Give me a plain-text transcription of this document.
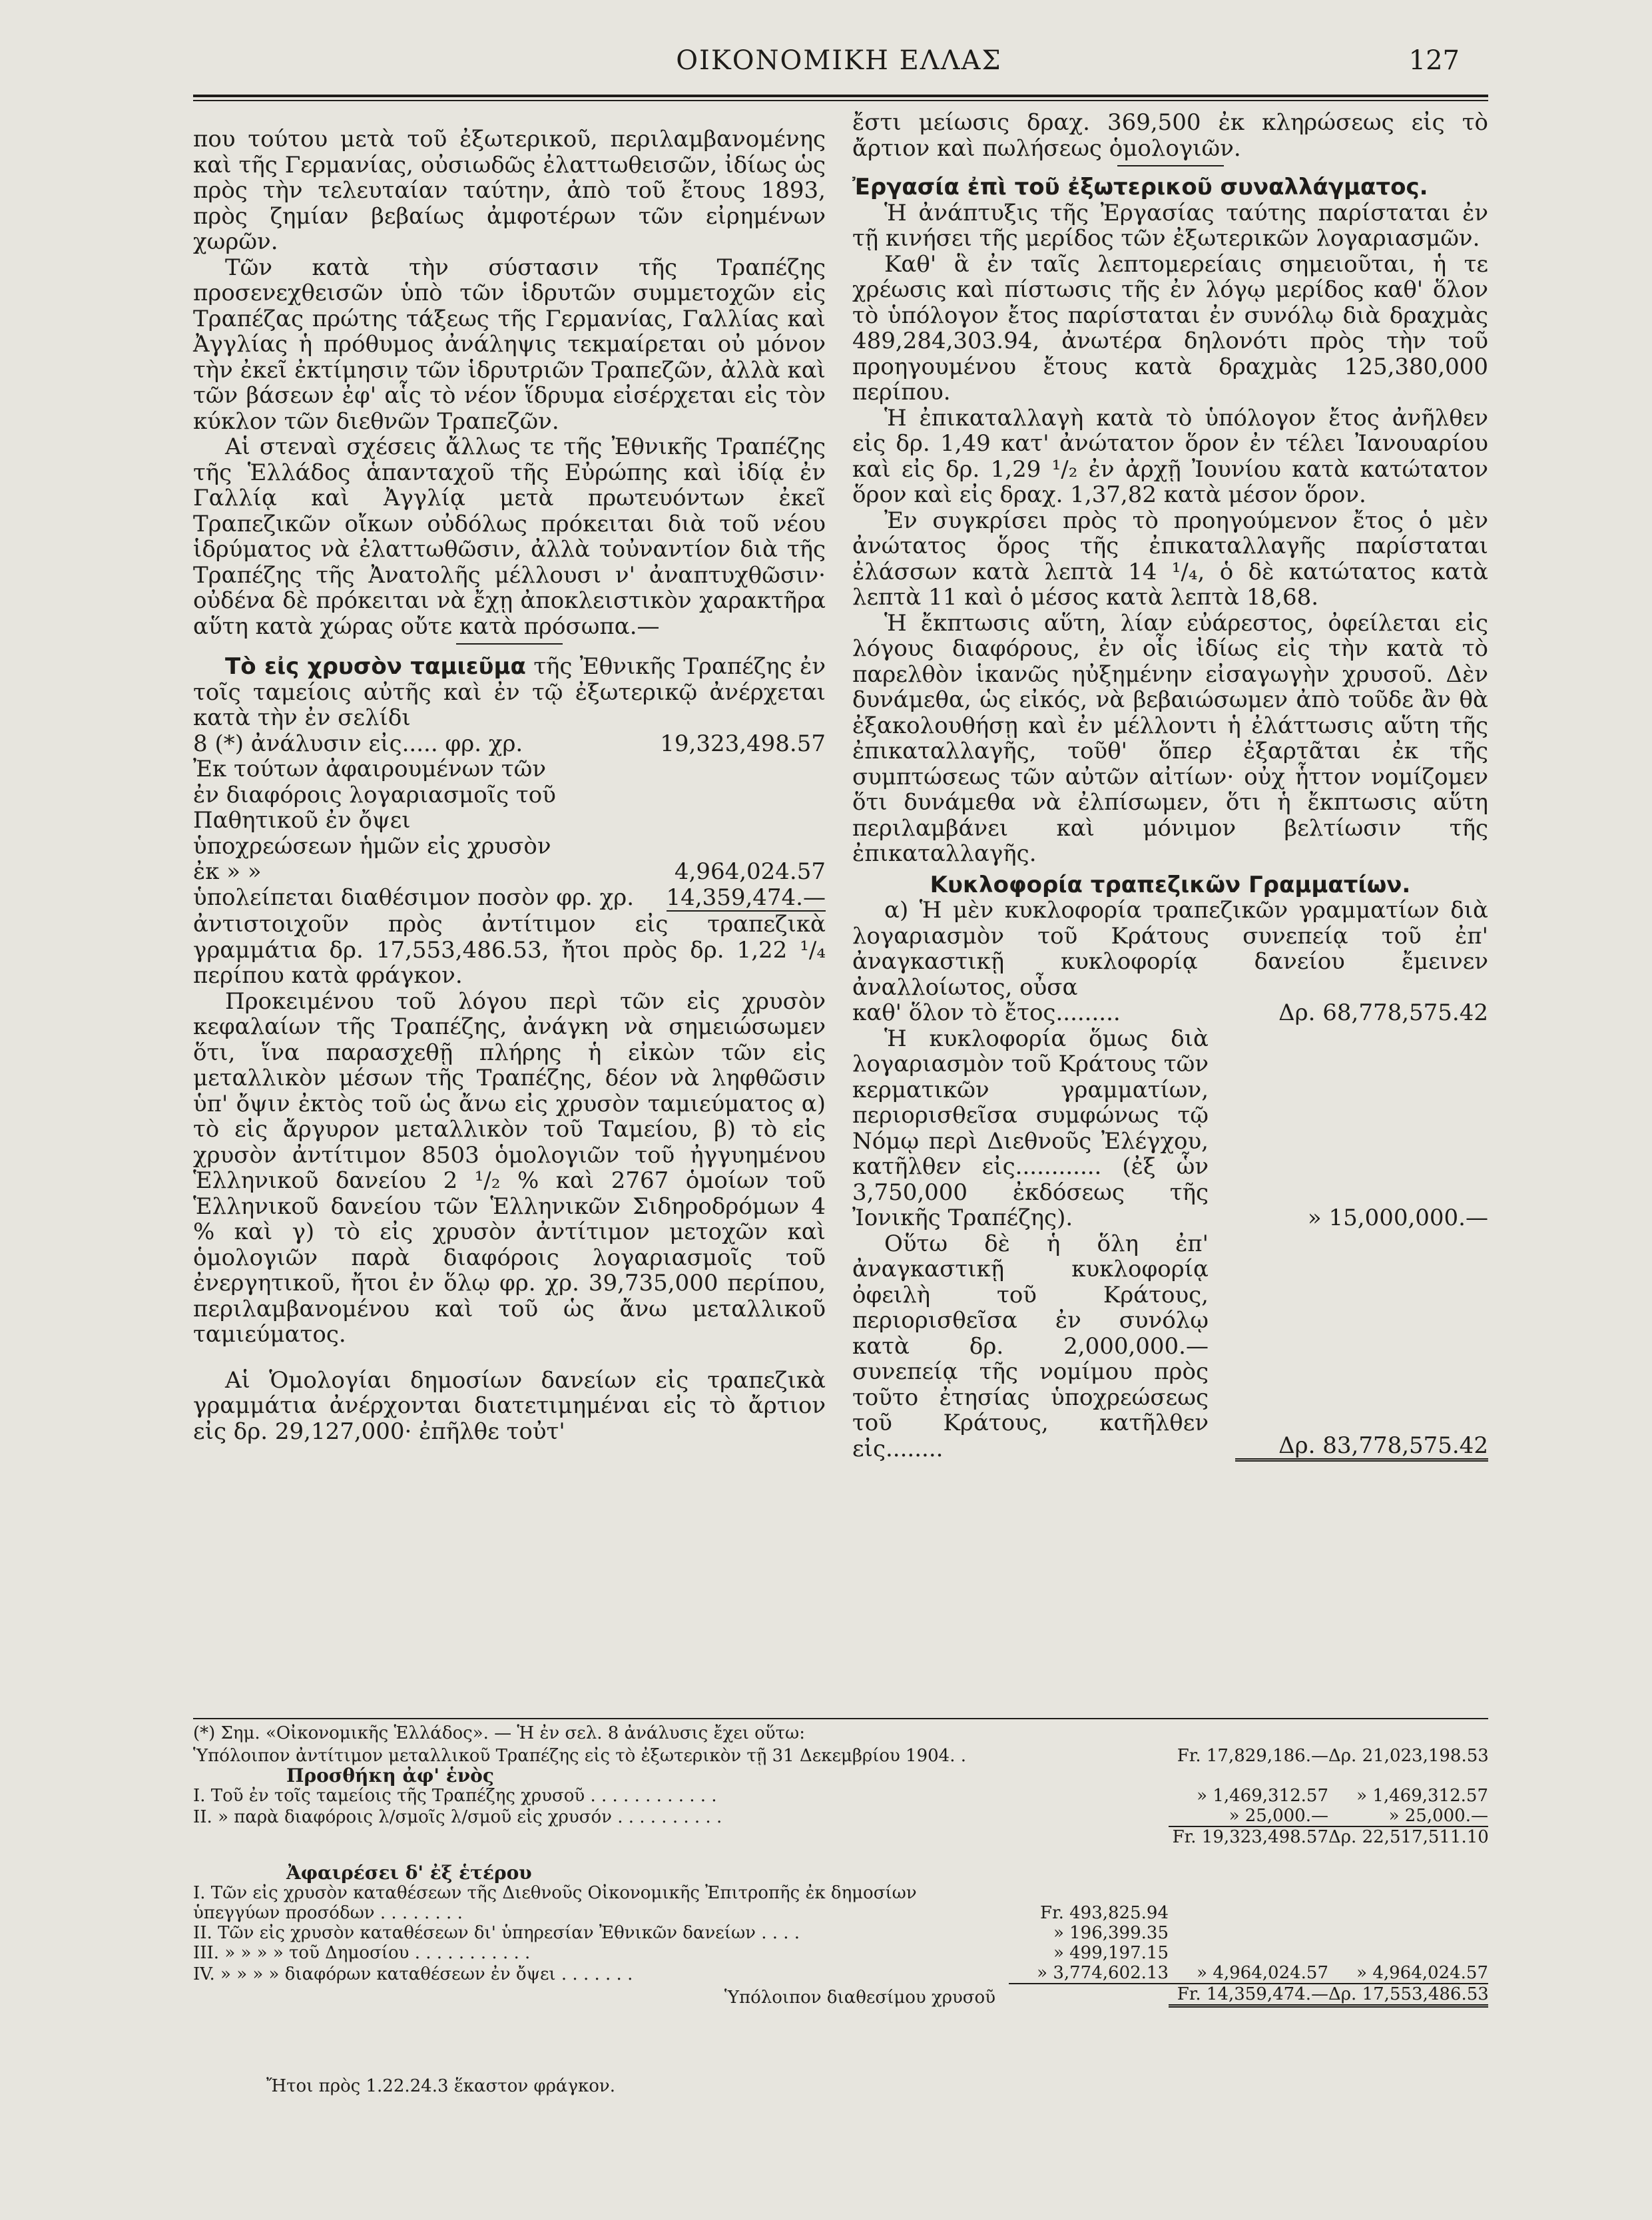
ΟΙΚΟΝΟΜΙΚΗ ΕΛΛΑΣ	127

που τούτου μετὰ τοῦ ἐξωτερικοῦ, περιλαμβανομένης καὶ τῆς Γερμανίας, οὐσιωδῶς ἐλαττωθεισῶν, ἰδίως ὡς πρὸς τὴν τελευταίαν ταύτην, ἀπὸ τοῦ ἔτους 1893, πρὸς ζημίαν βεβαίως ἀμφοτέρων τῶν εἰρημένων χωρῶν.

Τῶν κατὰ τὴν σύστασιν τῆς Τραπέζης προσενεχθεισῶν ὑπὸ τῶν ἱδρυτῶν συμμετοχῶν εἰς Τραπέζας πρώτης τάξεως τῆς Γερμανίας, Γαλλίας καὶ Ἀγγλίας ἡ πρόθυμος ἀνάληψις τεκμαίρεται οὐ μόνον τὴν ἐκεῖ ἐκτίμησιν τῶν ἱδρυτριῶν Τραπεζῶν, ἀλλὰ καὶ τῶν βάσεων ἐφ' αἷς τὸ νέον ἵδρυμα εἰσέρχεται εἰς τὸν κύκλον τῶν διεθνῶν Τραπεζῶν.

Αἱ στεναὶ σχέσεις ἄλλως τε τῆς Ἐθνικῆς Τραπέζης τῆς Ἑλλάδος ἁπανταχοῦ τῆς Εὐρώπης καὶ ἰδίᾳ ἐν Γαλλίᾳ καὶ Ἀγγλίᾳ μετὰ πρωτευόντων ἐκεῖ Τραπεζικῶν οἴκων οὐδόλως πρόκειται διὰ τοῦ νέου ἱδρύματος νὰ ἐλαττωθῶσιν, ἀλλὰ τοὐναντίον διὰ τῆς Τραπέζης τῆς Ἀνατολῆς μέλλουσι ν' ἀναπτυχθῶσιν· οὐδένα δὲ πρόκειται νὰ ἔχῃ ἀποκλειστικὸν χαρακτῆρα αὕτη κατὰ χώρας οὔτε κατὰ πρόσωπα.—

Τὸ εἰς χρυσὸν ταμιεῦμα τῆς Ἐθνικῆς Τραπέζης ἐν τοῖς ταμείοις αὐτῆς καὶ ἐν τῷ ἐξωτερικῷ ἀνέρχεται κατὰ τὴν ἐν σελίδι

8 (*) ἀνάλυσιν εἰς..... φρ. χρ.	19,323,498.57
Ἐκ τούτων ἀφαιρουμένων τῶν ἐν διαφόροις λογαριασμοῖς τοῦ Παθητικοῦ ἐν ὄψει ὑποχρεώσεων ἡμῶν εἰς χρυσὸν ἐκ » »	4,964,024.57
ὑπολείπεται διαθέσιμον ποσὸν φρ. χρ. 14,359,474.—

ἀντιστοιχοῦν πρὸς ἀντίτιμον εἰς τραπεζικὰ γραμμάτια δρ. 17,553,486.53, ἤτοι πρὸς δρ. 1,22 ¹/₄ περίπου κατὰ φράγκον.

Προκειμένου τοῦ λόγου περὶ τῶν εἰς χρυσὸν κεφαλαίων τῆς Τραπέζης, ἀνάγκη νὰ σημειώσωμεν ὅτι, ἵνα παρασχεθῇ πλήρης ἡ εἰκὼν τῶν εἰς μεταλλικὸν μέσων τῆς Τραπέζης, δέον νὰ ληφθῶσιν ὑπ' ὄψιν ἐκτὸς τοῦ ὡς ἄνω εἰς χρυσὸν ταμιεύματος α) τὸ εἰς ἄργυρον μεταλλικὸν τοῦ Ταμείου, β) τὸ εἰς χρυσὸν ἀντίτιμον 8503 ὁμολογιῶν τοῦ ἠγγυημένου Ἑλληνικοῦ δανείου 2 ¹/₂ % καὶ 2767 ὁμοίων τοῦ Ἑλληνικοῦ δανείου τῶν Ἑλληνικῶν Σιδηροδρόμων 4 % καὶ γ) τὸ εἰς χρυσὸν ἀντίτιμον μετοχῶν καὶ ὁμολογιῶν παρὰ διαφόροις λογαριασμοῖς τοῦ ἐνεργητικοῦ, ἤτοι ἐν ὅλῳ φρ. χρ. 39,735,000 περίπου, περιλαμβανομένου καὶ τοῦ ὡς ἄνω μεταλλικοῦ ταμιεύματος.

Αἱ Ὁμολογίαι δημοσίων δανείων εἰς τραπεζικὰ γραμμάτια ἀνέρχονται διατετιμημέναι εἰς τὸ ἄρτιον εἰς δρ. 29,127,000· ἐπῆλθε τοὐτ'

ἔστι μείωσις δραχ. 369,500 ἐκ κληρώσεως εἰς τὸ ἄρτιον καὶ πωλήσεως ὁμολογιῶν.

Ἐργασία ἐπὶ τοῦ ἐξωτερικοῦ συναλλάγματος.

Ἡ ἀνάπτυξις τῆς Ἐργασίας ταύτης παρίσταται ἐν τῇ κινήσει τῆς μερίδος τῶν ἐξωτερικῶν λογαριασμῶν.

Καθ' ἃ ἐν ταῖς λεπτομερείαις σημειοῦται, ἡ τε χρέωσις καὶ πίστωσις τῆς ἐν λόγῳ μερίδος καθ' ὅλον τὸ ὑπόλογον ἔτος παρίσταται ἐν συνόλῳ διὰ δραχμὰς 489,284,303.94, ἀνωτέρα δηλονότι πρὸς τὴν τοῦ προηγουμένου ἔτους κατὰ δραχμὰς 125,380,000 περίπου.

Ἡ ἐπικαταλλαγὴ κατὰ τὸ ὑπόλογον ἔτος ἀνῆλθεν εἰς δρ. 1,49 κατ' ἀνώτατον ὅρον ἐν τέλει Ἰανουαρίου καὶ εἰς δρ. 1,29 ¹/₂ ἐν ἀρχῇ Ἰουνίου κατὰ κατώτατον ὅρον καὶ εἰς δραχ. 1,37,82 κατὰ μέσον ὅρον.

Ἐν συγκρίσει πρὸς τὸ προηγούμενον ἔτος ὁ μὲν ἀνώτατος ὅρος τῆς ἐπικαταλλαγῆς παρίσταται ἐλάσσων κατὰ λεπτὰ 14 ¹/₄, ὁ δὲ κατώτατος κατὰ λεπτὰ 11 καὶ ὁ μέσος κατὰ λεπτὰ 18,68.

Ἡ ἔκπτωσις αὕτη, λίαν εὐάρεστος, ὀφείλεται εἰς λόγους διαφόρους, ἐν οἷς ἰδίως εἰς τὴν κατὰ τὸ παρελθὸν ἱκανῶς ηὐξημένην εἰσαγωγὴν χρυσοῦ. Δὲν δυνάμεθα, ὡς εἰκός, νὰ βεβαιώσωμεν ἀπὸ τοῦδε ἂν θὰ ἐξακολουθήσῃ καὶ ἐν μέλλοντι ἡ ἐλάττωσις αὕτη τῆς ἐπικαταλλαγῆς, τοῦθ' ὅπερ ἐξαρτᾶται ἐκ τῆς συμπτώσεως τῶν αὐτῶν αἰτίων· οὐχ ἧττον νομίζομεν ὅτι δυνάμεθα νὰ ἐλπίσωμεν, ὅτι ἡ ἔκπτωσις αὕτη περιλαμβάνει καὶ μόνιμον βελτίωσιν τῆς ἐπικαταλλαγῆς.

Κυκλοφορία τραπεζικῶν Γραμματίων.

α) Ἡ μὲν κυκλοφορία τραπεζικῶν γραμματίων διὰ λογαριασμὸν τοῦ Κράτους συνεπείᾳ τοῦ ἐπ' ἀναγκαστικῇ κυκλοφορίᾳ δανείου ἔμεινεν ἀναλλοίωτος, οὖσα

καθ' ὅλον τὸ ἔτος.........	Δρ. 68,778,575.42
Ἡ κυκλοφορία ὅμως διὰ λογαριασμὸν τοῦ Κράτους τῶν κερματικῶν γραμματίων, περιορισθεῖσα συμφώνως τῷ Νόμῳ περὶ Διεθνοῦς Ἐλέγχου, κατῆλθεν εἰς............ (ἐξ ὧν 3,750,000 ἐκδόσεως τῆς Ἰονικῆς Τραπέζης).	» 15,000,000.—
Οὕτω δὲ ἡ ὅλη ἐπ' ἀναγκαστικῇ κυκλοφορίᾳ ὀφειλὴ τοῦ Κράτους, περιορισθεῖσα ἐν συνόλῳ κατὰ δρ. 2,000,000.— συνεπείᾳ τῆς νομίμου πρὸς τοῦτο ἐτησίας ὑποχρεώσεως τοῦ Κράτους, κατῆλθεν εἰς........	Δρ. 83,778,575.42
(*) Σημ. «Οἰκονομικῆς Ἑλλάδος». — Ἡ ἐν σελ. 8 ἀνάλυσις ἔχει οὕτω:
Ὑπόλοιπον ἀντίτιμον μεταλλικοῦ Τραπέζης εἰς τὸ ἐξωτερικὸν τῇ 31 Δεκεμβρίου 1904. .	Fr. 17,829,186.— Δρ. 21,023,198.53
Προσθήκη ἀφ' ἑνὸς
I. Τοῦ ἐν τοῖς ταμείοις τῆς Τραπέζης χρυσοῦ . . . . . . . . . . . .	» 1,469,312.57	» 1,469,312.57
II. » παρὰ διαφόροις λ/σμοῖς λ/σμοῦ εἰς χρυσόν . . . . . . . . . .	» 25,000.—	» 25,000.—
Fr. 19,323,498.57 Δρ. 22,517,511.10
Ἀφαιρέσει δ' ἐξ ἑτέρου
I. Τῶν εἰς χρυσὸν καταθέσεων τῆς Διεθνοῦς Οἰκονομικῆς Ἐπιτροπῆς ἐκ δημοσίων ὑπεγγύων προσόδων . . . . . . . .	Fr. 493,825.94
II. Τῶν εἰς χρυσὸν καταθέσεων δι' ὑπηρεσίαν Ἐθνικῶν δανείων . . . .	» 196,399.35
III. » » » » τοῦ Δημοσίου . . . . . . . . . . .	» 499,197.15
IV. » » » » διαφόρων καταθέσεων ἐν ὄψει . . . . . . .	» 3,774,602.13	» 4,964,024.57	» 4,964,024.57
Ὑπόλοιπον διαθεσίμου χρυσοῦ	Fr. 14,359,474.— Δρ. 17,553,486.53
Ἤτοι πρὸς 1.22.24.3 ἕκαστον φράγκον.
